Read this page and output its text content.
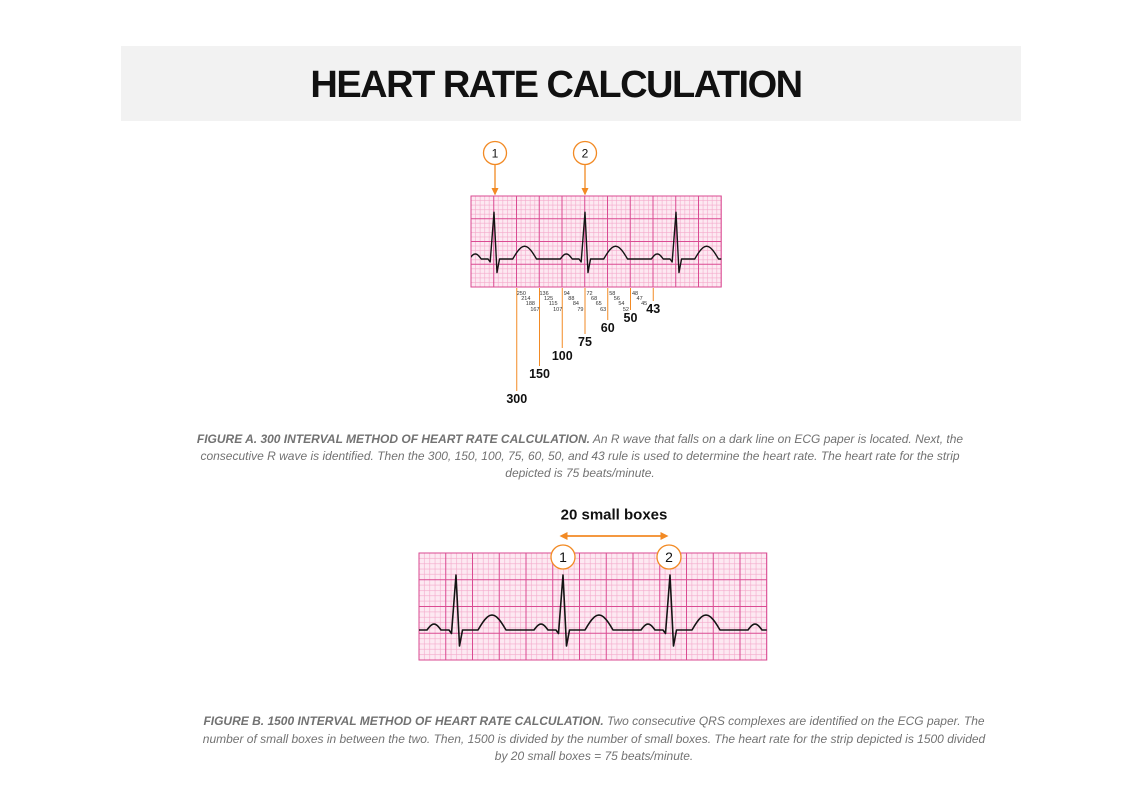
HEART RATE CALCULATION
1	2
300
150
100
75
60
50
43
250
214
188
167
136
125
115
107
94
88
84
79
72
68
65
63
58
56
54
52
48
47
45
20 small boxes
1	2
FIGURE A. 300 INTERVAL METHOD OF HEART RATE CALCULATION. An R wave that falls on a dark line on ECG paper is located. Next, the
consecutive R wave is identified. Then the 300, 150, 100, 75, 60, 50, and 43 rule is used to determine the heart rate. The heart rate for the strip
depicted is 75 beats/minute.
FIGURE B. 1500 INTERVAL METHOD OF HEART RATE CALCULATION. Two consecutive QRS complexes are identified on the ECG paper. The
number of small boxes in between the two. Then, 1500 is divided by the number of small boxes. The heart rate for the strip depicted is 1500 divided
by 20 small boxes = 75 beats/minute.
